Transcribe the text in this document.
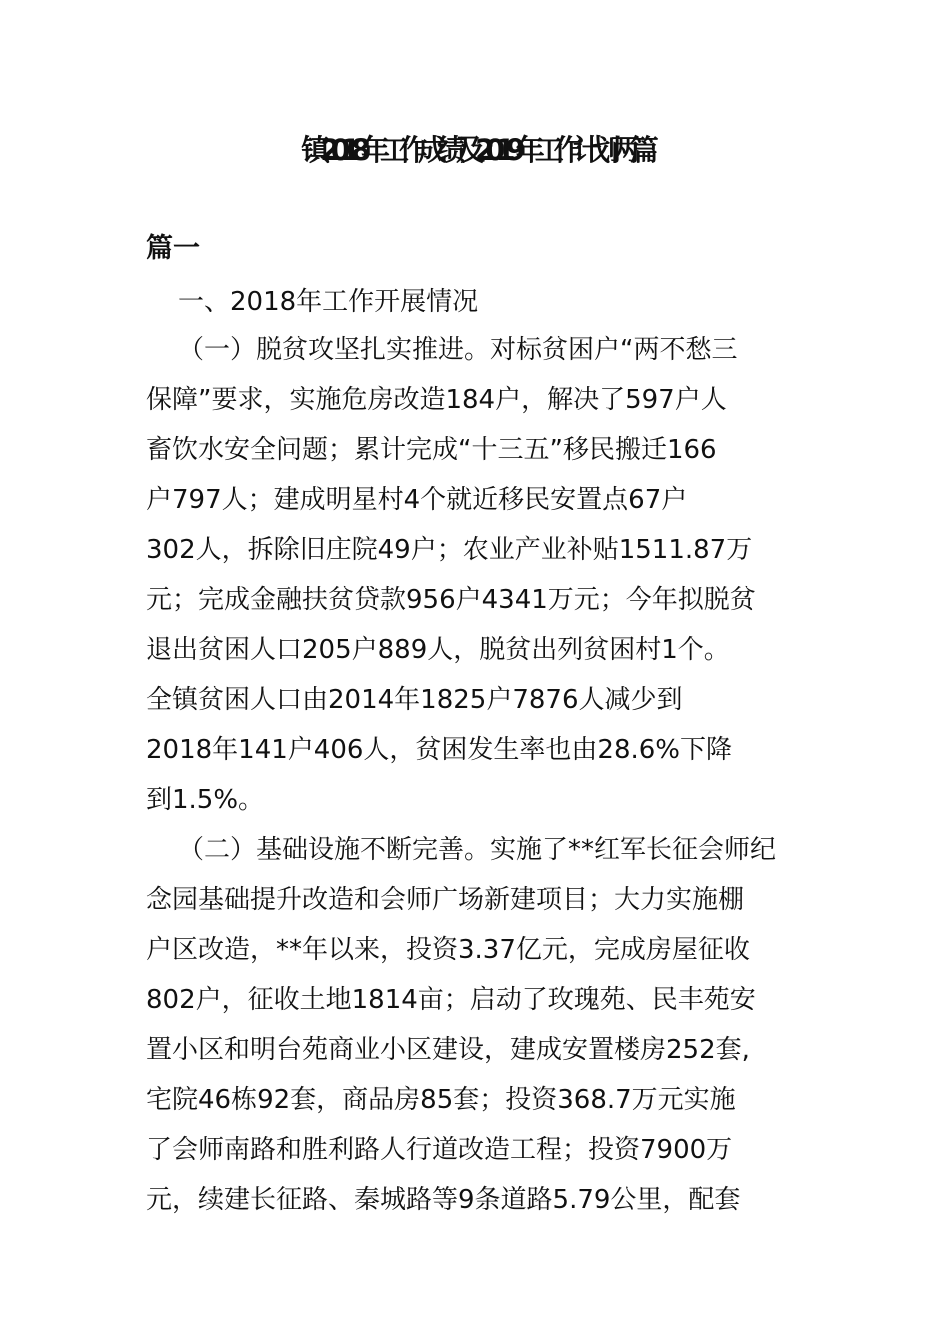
镇2018年工作成绩及2019年工作计划两篇
篇一
一、2018年工作开展情况
（一）脱贫攻坚扎实推进。对标贫困户“两不愁三
保障”要求，实施危房改造184户，解决了597户人
畜饮水安全问题；累计完成“十三五”移民搬迁166
户797人；建成明星村4个就近移民安置点67户
302人，拆除旧庄院49户；农业产业补贴1511.87万
元；完成金融扶贫贷款956户4341万元；今年拟脱贫
退出贫困人口205户889人，脱贫出列贫困村1个。
全镇贫困人口由2014年1825户7876人减少到
2018年141户406人，贫困发生率也由28.6%下降
到1.5%。
（二）基础设施不断完善。实施了**红军长征会师纪
念园基础提升改造和会师广场新建项目；大力实施棚
户区改造，**年以来，投资3.37亿元，完成房屋征收
802户，征收土地1814亩；启动了玫瑰苑、民丰苑安
置小区和明台苑商业小区建设，建成安置楼房252套,
宅院46栋92套，商品房85套；投资368.7万元实施
了会师南路和胜利路人行道改造工程；投资7900万
元，续建长征路、秦城路等9条道路5.79公里，配套
